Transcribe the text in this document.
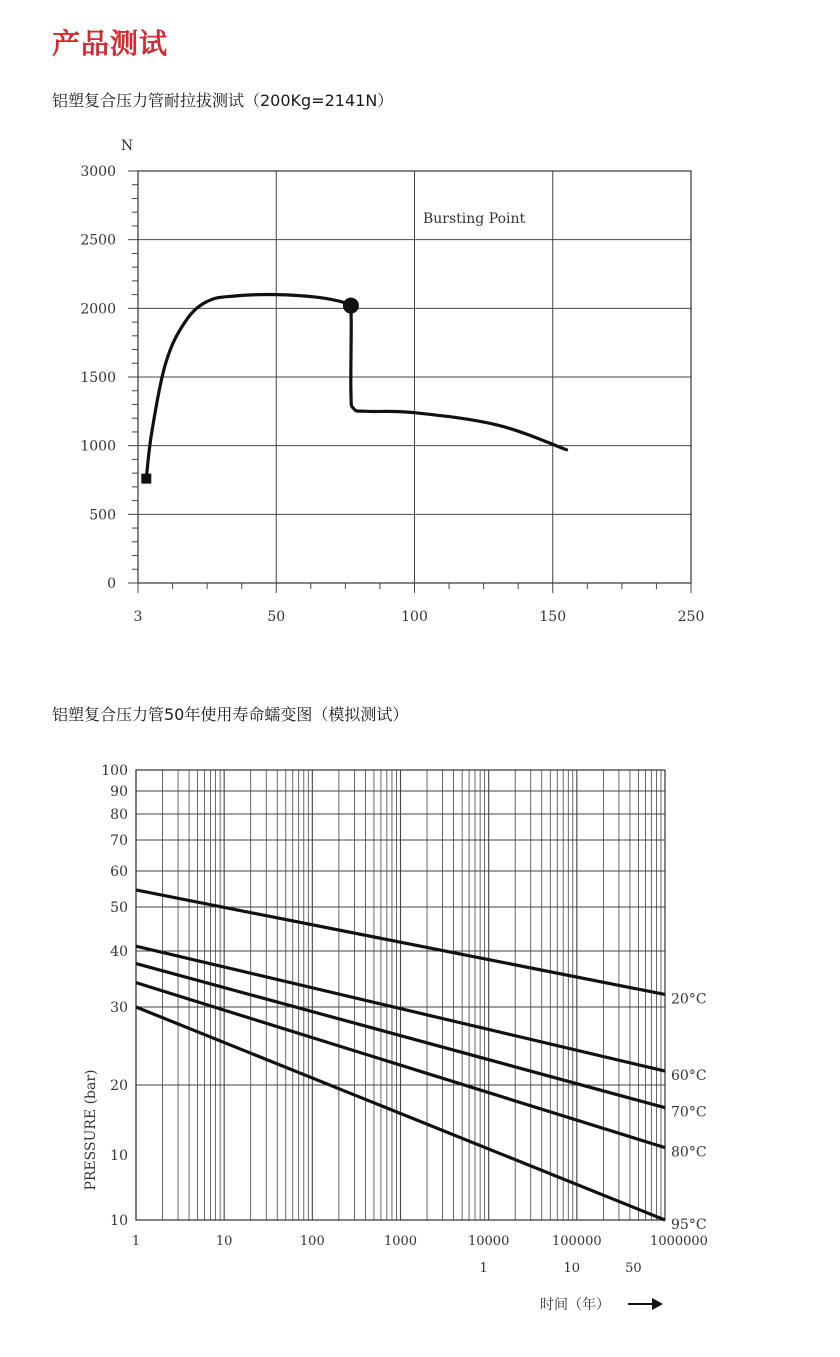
产品测试
铝塑复合压力管耐拉拔测试（200Kg=2141N）
铝塑复合压力管50年使用寿命蠕变图（模拟测试）
0
500
1000
1500
2000
2500
3000
3	50	100	150	250
N
Bursting Point
100
90
80
70
60
50
40
30
20
10
10
1	10	100	1000	10000	100000	1000000
1	10	50
20°C
60°C
70°C
80°C
95°C
PRESSURE (bar)
时间（年）
